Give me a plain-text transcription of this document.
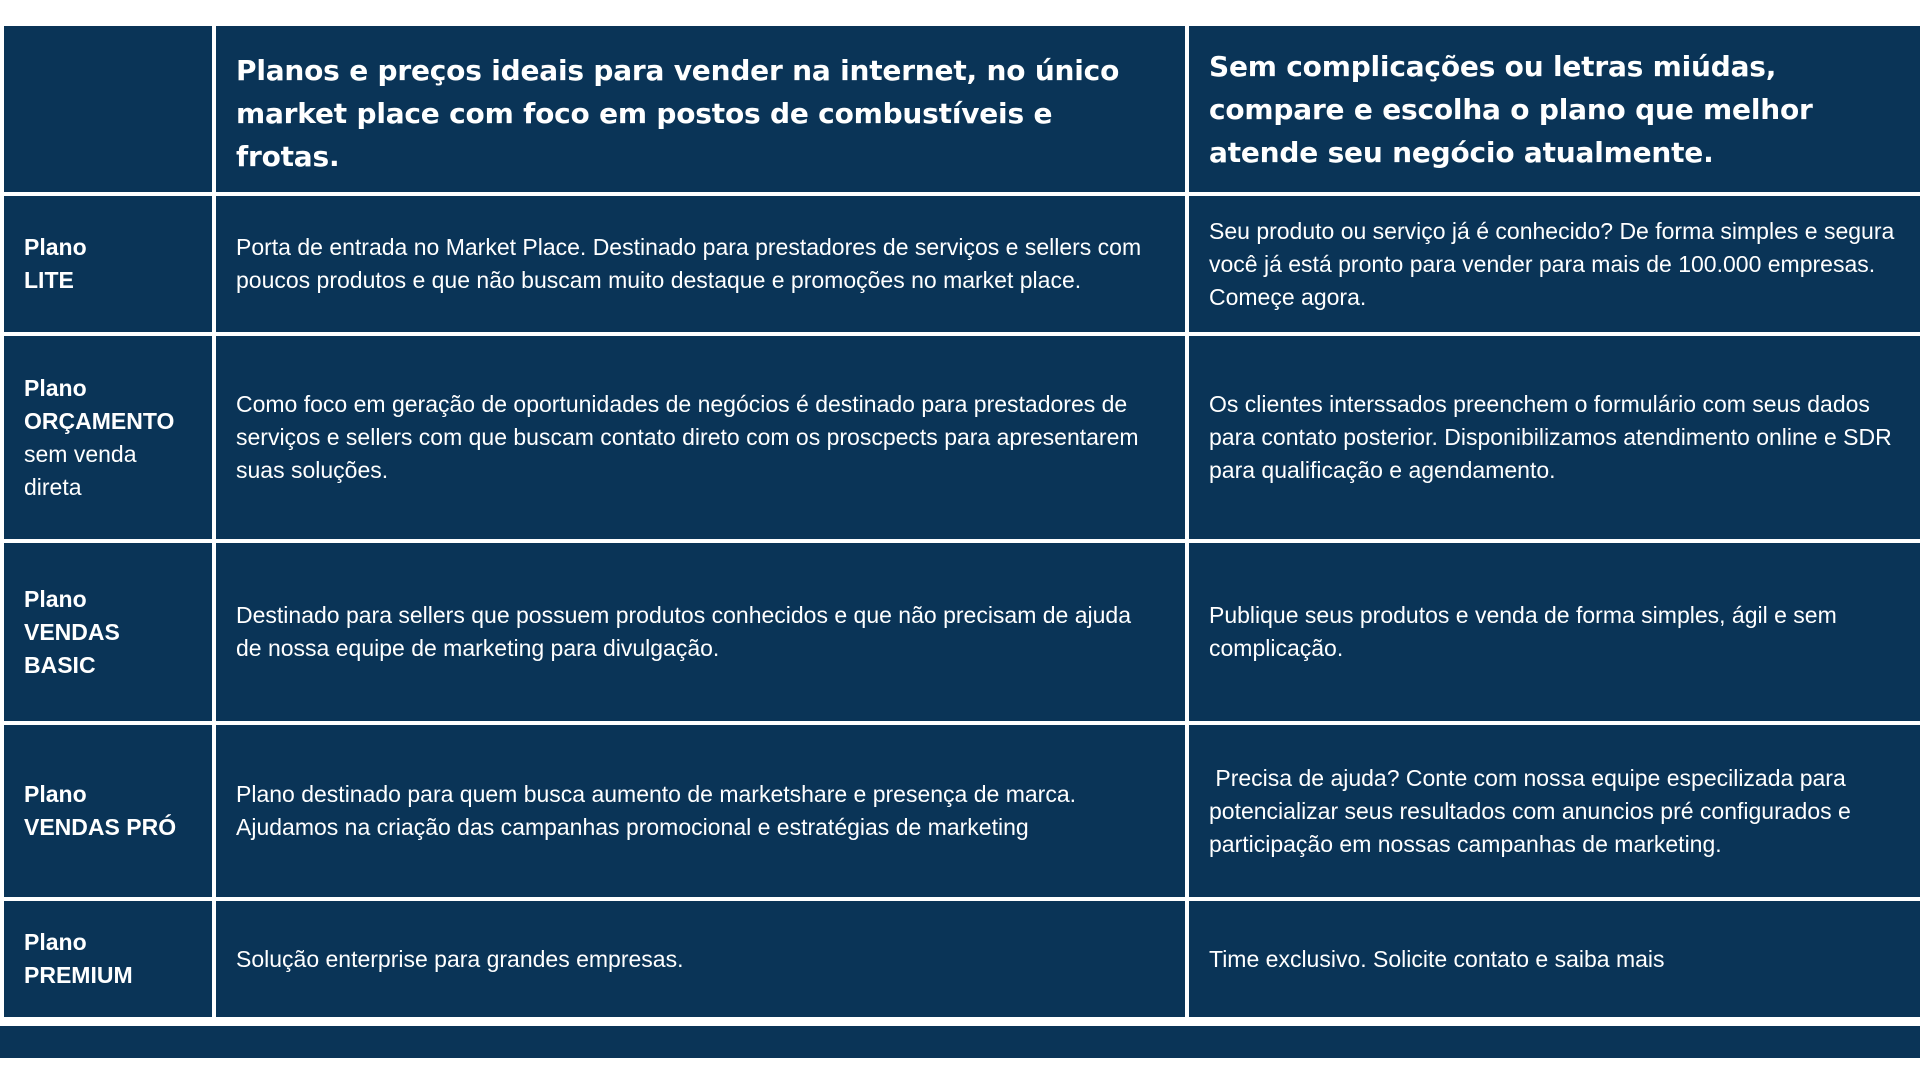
Planos e preços ideais para vender na internet, no único market place com foco em postos de combustíveis e frotas.
Sem complicações ou letras miúdas, compare e escolha o plano que melhor atende seu negócio atualmente.
Plano
LITE
Porta de entrada no Market Place. Destinado para prestadores de serviços e sellers com poucos produtos e que não buscam muito destaque e promoções no market place.
Seu produto ou serviço já é conhecido? De forma simples e segura você já está pronto para vender para mais de 100.000 empresas. Começe agora.
Plano
ORÇAMENTO
sem venda
direta
Como foco em geração de oportunidades de negócios é destinado para prestadores de serviços e sellers com que buscam contato direto com os proscpects para apresentarem suas soluções.
Os clientes interssados preenchem o formulário com seus dados para contato posterior. Disponibilizamos atendimento online e SDR para qualificação e agendamento.
Plano
VENDAS
BASIC
Destinado para sellers que possuem produtos conhecidos e que não precisam de ajuda de nossa equipe de marketing para divulgação.
Publique seus produtos e venda de forma simples, ágil e sem complicação.
Plano
VENDAS PRÓ
Plano destinado para quem busca aumento de marketshare e presença de marca. Ajudamos na criação das campanhas promocional e estratégias de marketing
Precisa de ajuda? Conte com nossa equipe especilizada para potencializar seus resultados com anuncios pré configurados e participação em nossas campanhas de marketing.
Plano
PREMIUM
Solução enterprise para grandes empresas.	Time exclusivo. Solicite contato e saiba mais
